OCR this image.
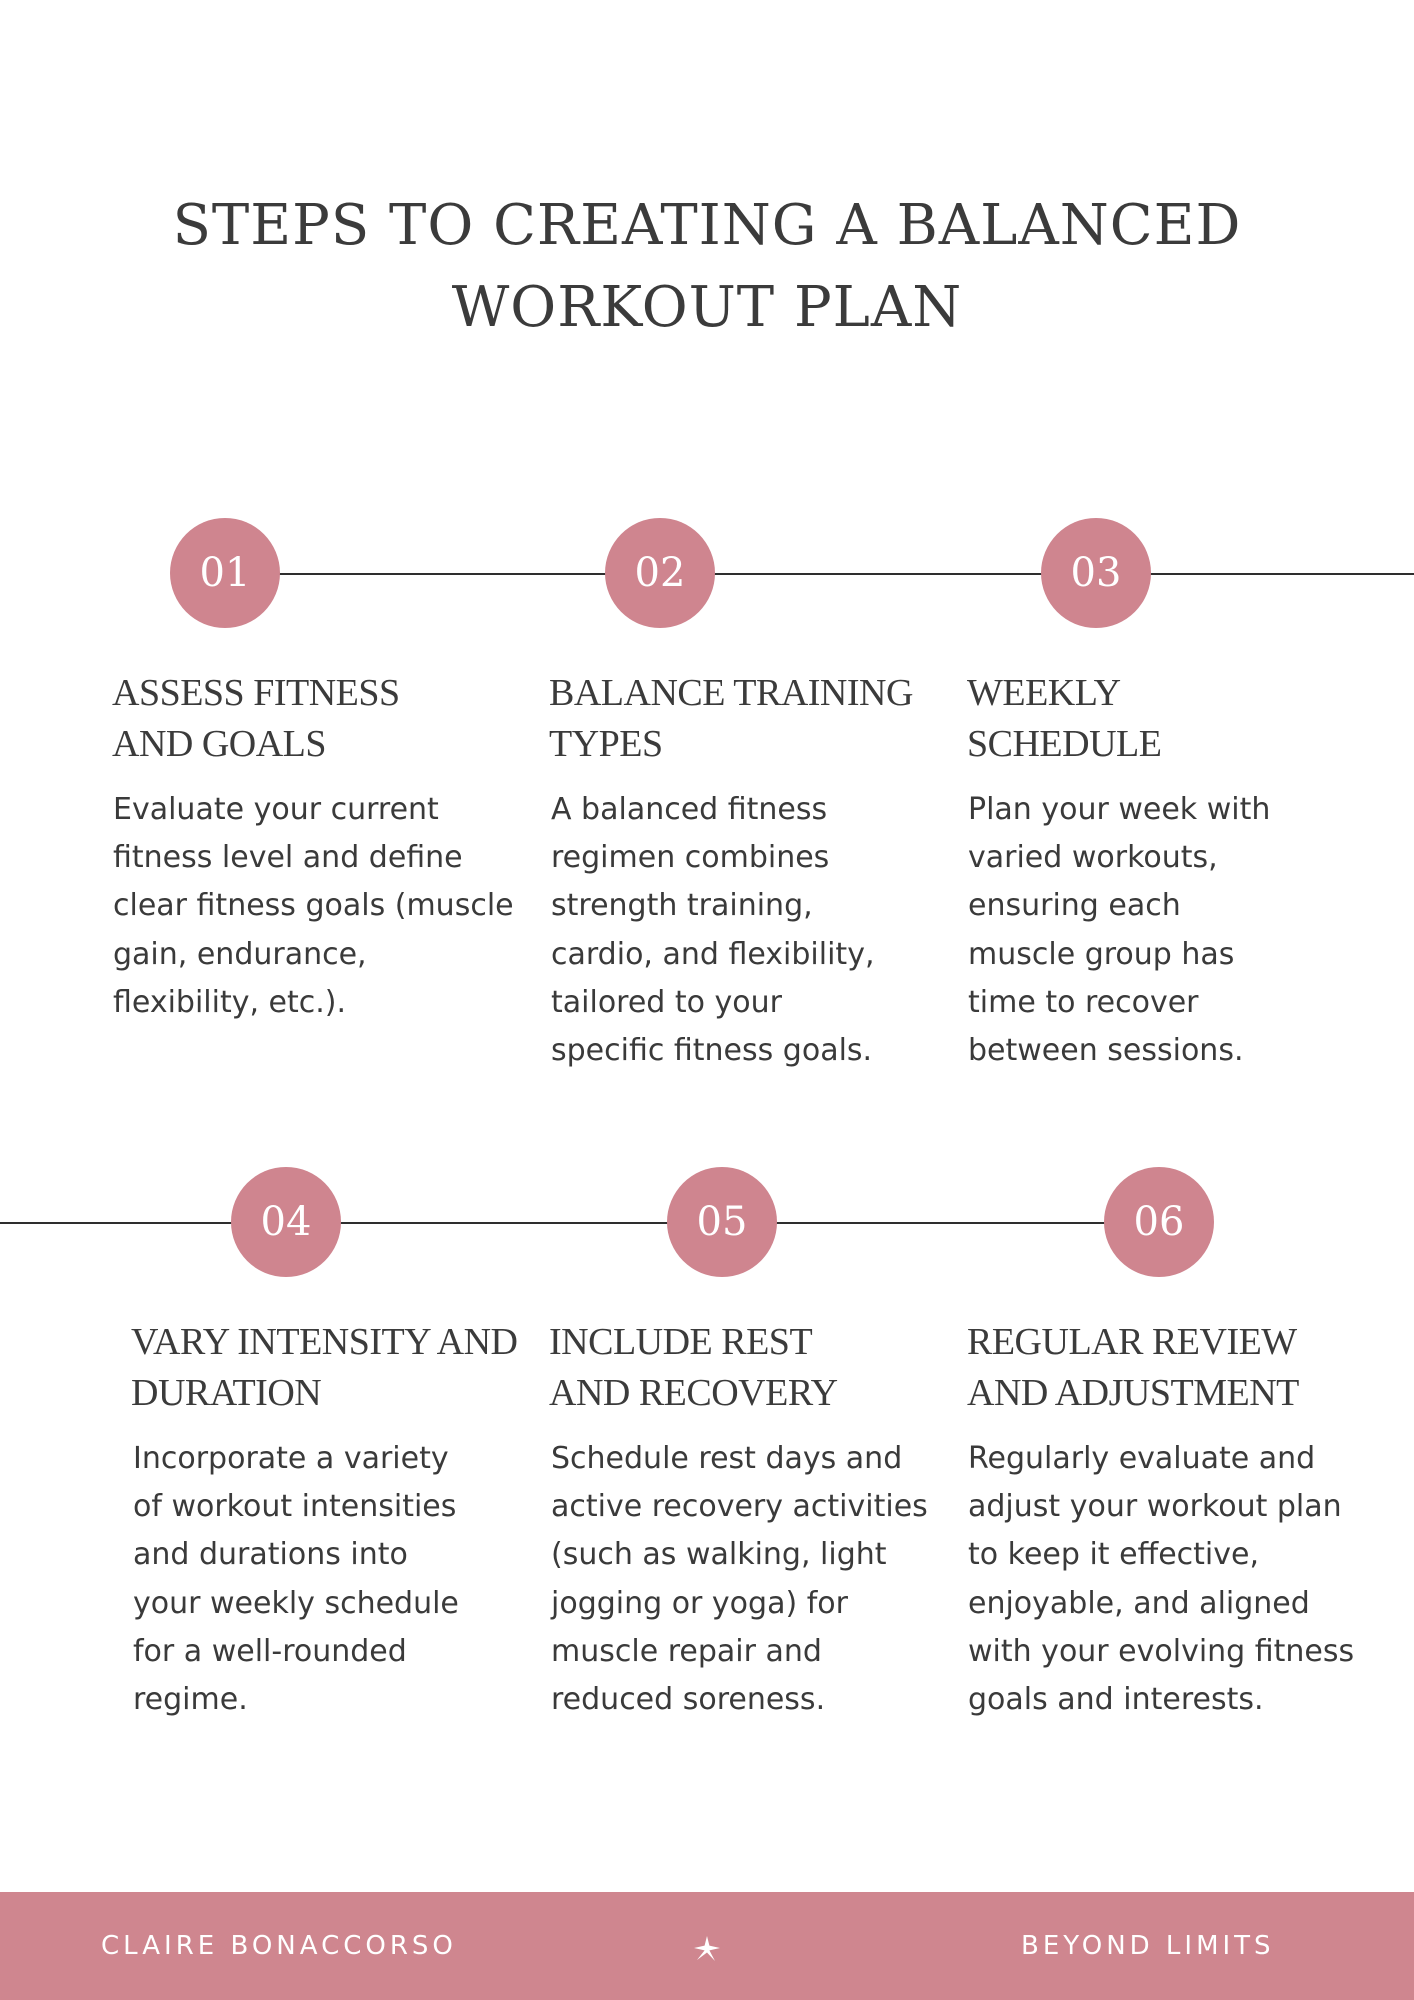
STEPS TO CREATING A BALANCED
WORKOUT PLAN
01
ASSESS FITNESS
AND GOALS

Evaluate your current
fitness level and define
clear fitness goals (muscle
gain, endurance,
flexibility, etc.).

02
BALANCE TRAINING
TYPES

A balanced fitness
regimen combines
strength training,
cardio, and flexibility,
tailored to your
specific fitness goals.

03
WEEKLY
SCHEDULE

Plan your week with
varied workouts,
ensuring each
muscle group has
time to recover
between sessions.

04
VARY INTENSITY AND
DURATION

Incorporate a variety
of workout intensities
and durations into
your weekly schedule
for a well-rounded
regime.

05
INCLUDE REST
AND RECOVERY

Schedule rest days and
active recovery activities
(such as walking, light
jogging or yoga) for
muscle repair and
reduced soreness.

06
REGULAR REVIEW
AND ADJUSTMENT

Regularly evaluate and
adjust your workout plan
to keep it effective,
enjoyable, and aligned
with your evolving fitness
goals and interests.

CLAIRE BONACCORSO	BEYOND LIMITS
